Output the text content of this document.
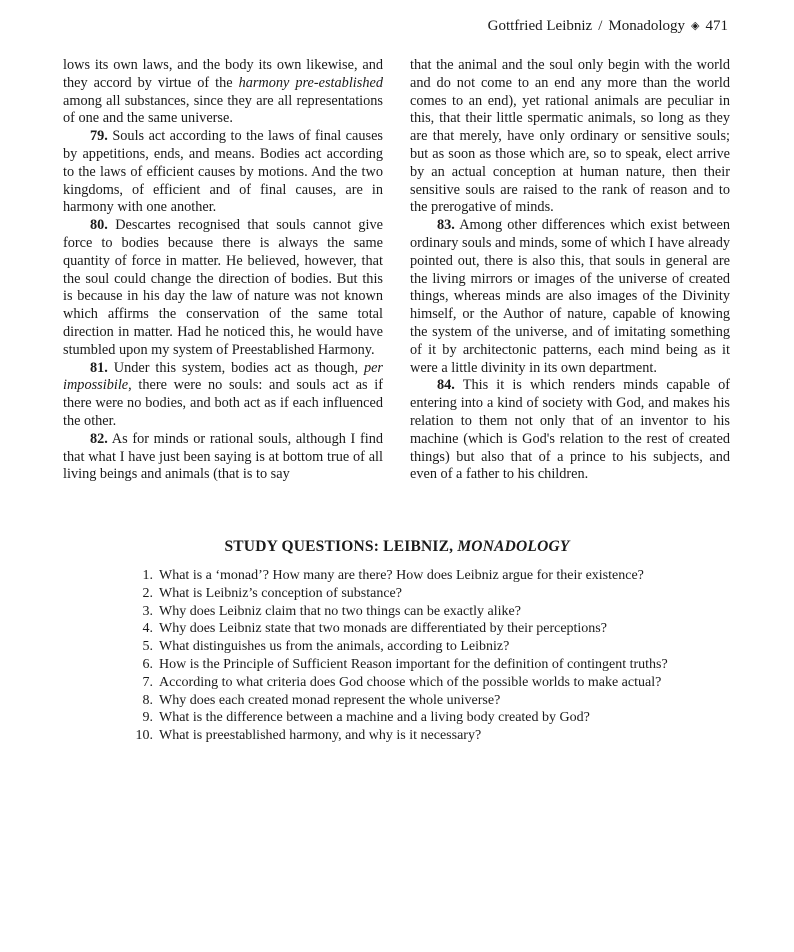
Gottfried Leibniz / Monadology ◈ 471

lows its own laws, and the body its own likewise, and they accord by virtue of the harmony pre-established among all substances, since they are all representations of one and the same universe.

79. Souls act according to the laws of final causes by appetitions, ends, and means. Bodies act according to the laws of efficient causes by motions. And the two kingdoms, of efficient and of final causes, are in harmony with one another.

80. Descartes recognised that souls cannot give force to bodies because there is always the same quantity of force in matter. He believed, however, that the soul could change the direction of bodies. But this is because in his day the law of nature was not known which affirms the conservation of the same total direction in matter. Had he noticed this, he would have stumbled upon my system of Preestablished Harmony.

81. Under this system, bodies act as though, per impossibile, there were no souls: and souls act as if there were no bodies, and both act as if each influenced the other.

82. As for minds or rational souls, although I find that what I have just been saying is at bottom true of all living beings and animals (that is to say

that the animal and the soul only begin with the world and do not come to an end any more than the world comes to an end), yet rational animals are peculiar in this, that their little spermatic animals, so long as they are that merely, have only ordinary or sensitive souls; but as soon as those which are, so to speak, elect arrive by an actual conception at human nature, then their sensitive souls are raised to the rank of reason and to the prerogative of minds.

83. Among other differences which exist between ordinary souls and minds, some of which I have already pointed out, there is also this, that souls in general are the living mirrors or images of the universe of created things, whereas minds are also images of the Divinity himself, or the Author of nature, capable of knowing the system of the universe, and of imitating something of it by architectonic patterns, each mind being as it were a little divinity in its own department.

84. This it is which renders minds capable of entering into a kind of society with God, and makes his relation to them not only that of an inventor to his machine (which is God's relation to the rest of created things) but also that of a prince to his subjects, and even of a father to his children.

STUDY QUESTIONS: LEIBNIZ, MONADOLOGY
1. What is a ‘monad’? How many are there? How does Leibniz argue for their existence?
2. What is Leibniz’s conception of substance?
3. Why does Leibniz claim that no two things can be exactly alike?
4. Why does Leibniz state that two monads are differentiated by their perceptions?
5. What distinguishes us from the animals, according to Leibniz?
6. How is the Principle of Sufficient Reason important for the definition of contingent truths?
7. According to what criteria does God choose which of the possible worlds to make actual?
8. Why does each created monad represent the whole universe?
9. What is the difference between a machine and a living body created by God?
10. What is preestablished harmony, and why is it necessary?
